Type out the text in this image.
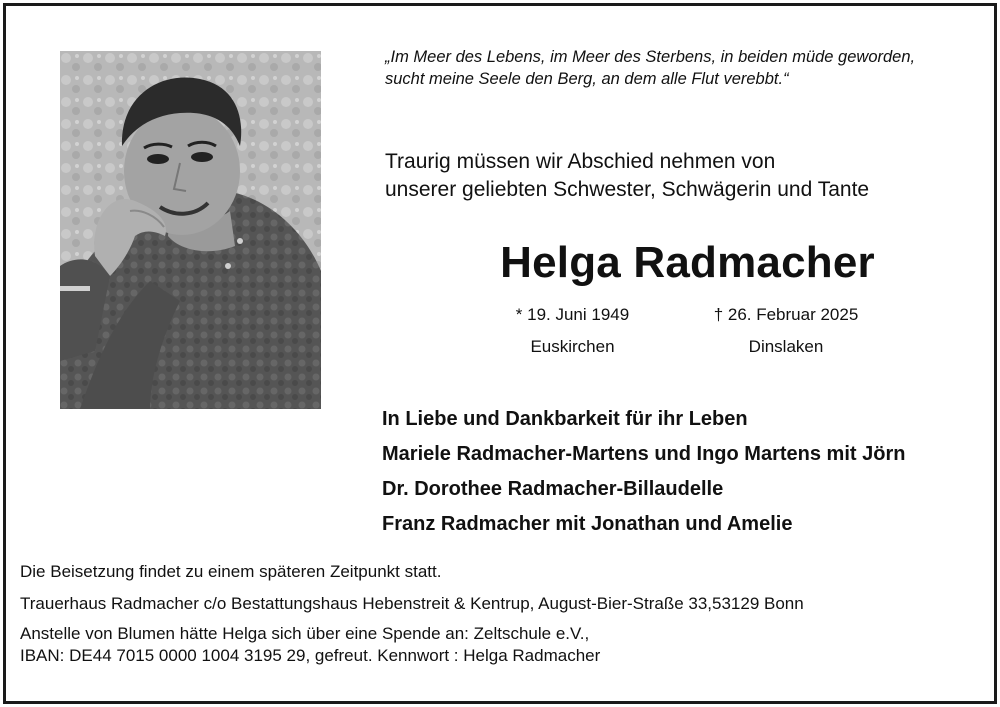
„Im Meer des Lebens, im Meer des Sterbens, in beiden müde geworden,
sucht meine Seele den Berg, an dem alle Flut verebbt.“
Traurig müssen wir Abschied nehmen von
unserer geliebten Schwester, Schwägerin und Tante
Helga Radmacher
* 19. Juni 1949
Euskirchen
† 26. Februar 2025
Dinslaken
In Liebe und Dankbarkeit für ihr Leben
Mariele Radmacher-Martens und Ingo Martens mit Jörn
Dr. Dorothee Radmacher-Billaudelle
Franz Radmacher mit Jonathan und Amelie
Die Beisetzung findet zu einem späteren Zeitpunkt statt.
Trauerhaus Radmacher c/o Bestattungshaus Hebenstreit & Kentrup, August-Bier-Straße 33,53129 Bonn
Anstelle von Blumen hätte Helga sich über eine Spende an: Zeltschule e.V.,
IBAN: DE44 7015 0000 1004 3195 29, gefreut. Kennwort : Helga Radmacher
